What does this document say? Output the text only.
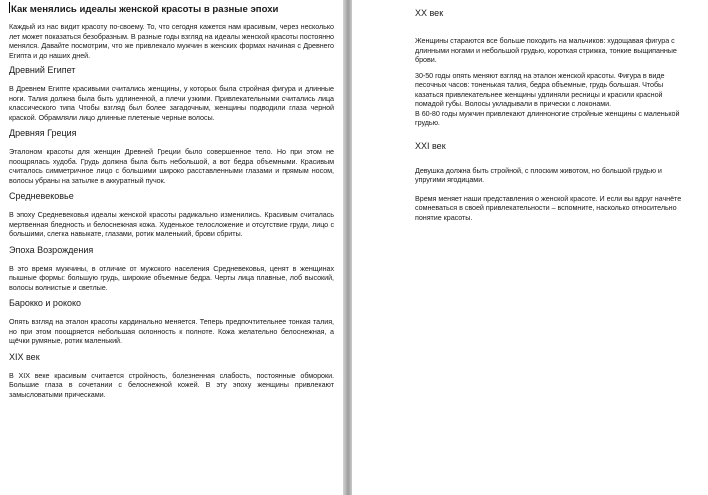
Как менялись идеалы женской красоты в разные эпохи

Каждый из нас видит красоту по-своему. То, что сегодня кажется нам красивым, через несколько лет может показаться безобразным. В разные годы взгляд на идеалы женской красоты постоянно менялся. Давайте посмотрим, что же привлекало мужчин в женских формах начиная с Древнего Египта и до наших дней.

Древний Египет

В Древнем Египте красивыми считались женщины, у которых была стройная фигура и длинные ноги. Талия должна была быть удлиненной, а плечи узкими. Привлекательными считались лица классического типа Чтобы взгляд был более загадочным, женщины подводили глаза черной краской. Обрамляли лицо длинные плетеные черные волосы.

Древняя Греция

Эталоном красоты для женщин Древней Греции было совершенное тело. Но при этом не поощрялась худоба. Грудь должна была быть небольшой, а вот бедра объемными. Красивым считалось симметричное лицо с большими широко расставленными глазами и прямым носом, волосы убраны на затылке в аккуратный пучок.

Средневековье

В эпоху Средневековья идеалы женской красоты радикально изменились. Красивым считалась мертвенная бледность и белоснежная кожа. Худенькое телосложение и отсутствие груди, лицо с большими, слегка навыкате, глазами, ротик маленький, брови сбриты.

Эпоха Возрождения

В это время мужчины, в отличие от мужского населения Средневековья, ценят в женщинах пышные формы: большую грудь, широкие объемные бедра. Черты лица плавные, лоб высокий, волосы волнистые и светлые.

Барокко и рококо

Опять взгляд на эталон красоты кардинально меняется. Теперь предпочтительнее тонкая талия, но при этом поощряется небольшая склонность к полноте. Кожа желательно белоснежная, а щёчки румяные, ротик маленький.

XIX век

В XIX веке красивым считается стройность, болезненная слабость, постоянные обмороки. Большие глаза в сочетании с белоснежной кожей. В эту эпоху женщины привлекают замысловатыми прическами.

XX век

Женщины стараются все больше походить на мальчиков: худощавая фигура с длинными ногами и небольшой грудью, короткая стрижка, тонкие выщипанные брови.

30-50 годы опять меняют взгляд на эталон женской красоты. Фигура в виде песочных часов: тоненькая талия, бедра объемные, грудь большая. Чтобы казаться привлекательнее женщины удлиняли ресницы и красили красной помадой губы. Волосы укладывали в прически с локонами.

В 60-80 годы мужчин привлекают длинноногие стройные женщины с маленькой грудью.

XXI век

Девушка должна быть стройной, с плоским животом, но большой грудью и упругими ягодицами.

Время меняет наши представления о женской красоте. И если вы вдруг начнёте сомневаться в своей привлекательности – вспомните, насколько относительно понятие красоты.
